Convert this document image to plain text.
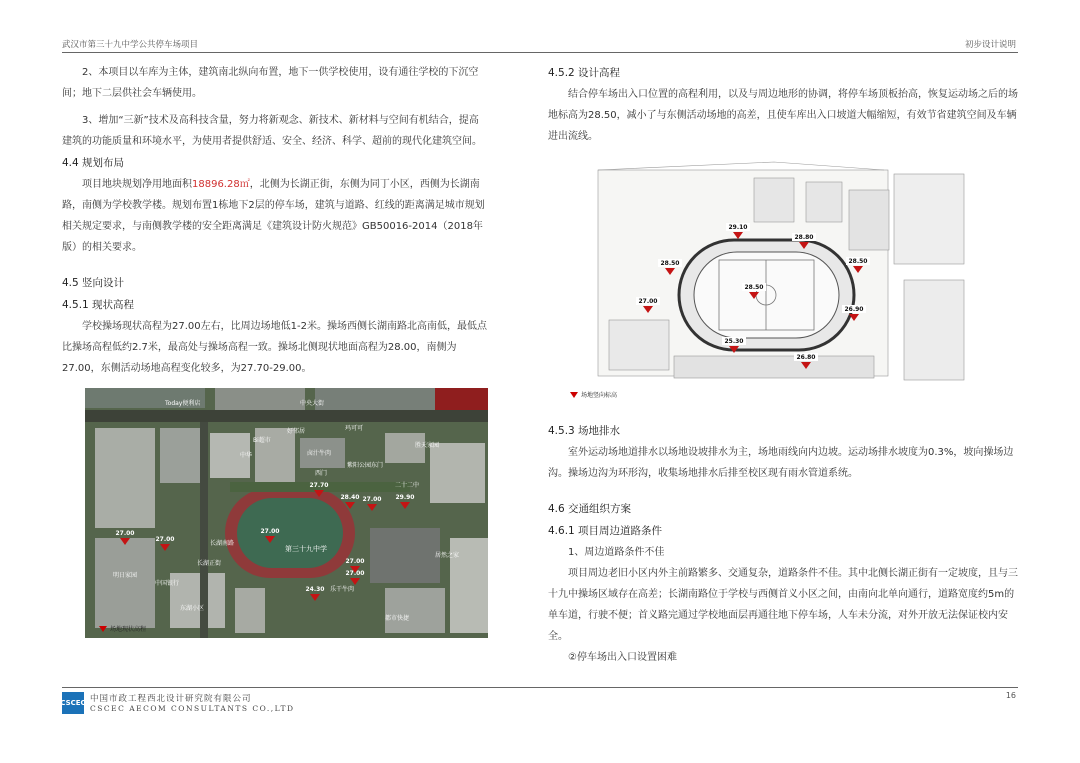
武汉市第三十九中学公共停车场项目	初步设计说明

2、本项目以车库为主体，建筑南北纵向布置，地下一供学校使用，设有通往学校的下沉空间；地下二层供社会车辆使用。

3、增加“三新”技术及高科技含量，努力将新观念、新技术、新材料与空间有机结合，提高建筑的功能质量和环境水平，为使用者提供舒适、安全、经济、科学、超前的现代化建筑空间。

4.4 规划布局

项目地块规划净用地面积18896.28㎡，北侧为长湖正街，东侧为同丁小区，西侧为长湖南路，南侧为学校教学楼。规划布置1栋地下2层的停车场，建筑与道路、红线的距离满足城市规划相关规定要求，与南侧教学楼的安全距离满足《建筑设计防火规范》GB50016-2014（2018年版）的相关要求。

4.5 竖向设计
4.5.1 现状高程

学校操场现状高程为27.00左右，比周边场地低1-2米。操场西侧长湖南路北高南低，最低点比操场高程低约2.7米，最高处与操场高程一致。操场北侧现状地面高程为28.00，南侧为27.00，东侧活动场地高程变化较多，为27.70-29.00。

Today便利店	中央大街
中华
紫阳公园东门
好邻居
Bi超市
卤汁牛肉
西门
玛可可
胜天家园
乐干牛肉
二十二中
明日家园
东湖小区
居然之家
中国银行
都市快捷
第三十九中学
长湖正街
长湖南路
27.70
28.40	29.90
27.00
27.00
27.00
27.00
27.00
27.00
24.30
场地现状高程
4.5.2 设计高程

结合停车场出入口位置的高程利用，以及与周边地形的协调，将停车场顶板抬高，恢复运动场之后的场地标高为28.50，减小了与东侧活动场地的高差，且使车库出入口坡道大幅缩短，有效节省建筑空间及车辆进出流线。

29.10
28.80
28.50	28.50
28.50
27.00
26.90
25.30
26.80
场地竖向标高
4.5.3 场地排水

室外运动场地道排水以场地设坡排水为主，场地雨线向内边坡。运动场排水坡度为0.3%，坡向操场边沟。操场边沟为环形沟，收集场地排水后排至校区现有雨水管道系统。

4.6 交通组织方案
4.6.1 项目周边道路条件

1、周边道路条件不佳

项目周边老旧小区内外主前路繁多、交通复杂，道路条件不佳。其中北侧长湖正街有一定坡度，且与三十九中操场区域存在高差；长湖南路位于学校与西侧首义小区之间，由南向北单向通行，道路宽度约5m的单车道，行驶不便；首义路完通过学校地面层再通往地下停车场，人车未分流，对外开放无法保证校内安全。

②停车场出入口设置困难

CSCEC 中国市政工程西北设计研究院有限公司
CSCEC AECOM CONSULTANTS CO.,LTD
16
